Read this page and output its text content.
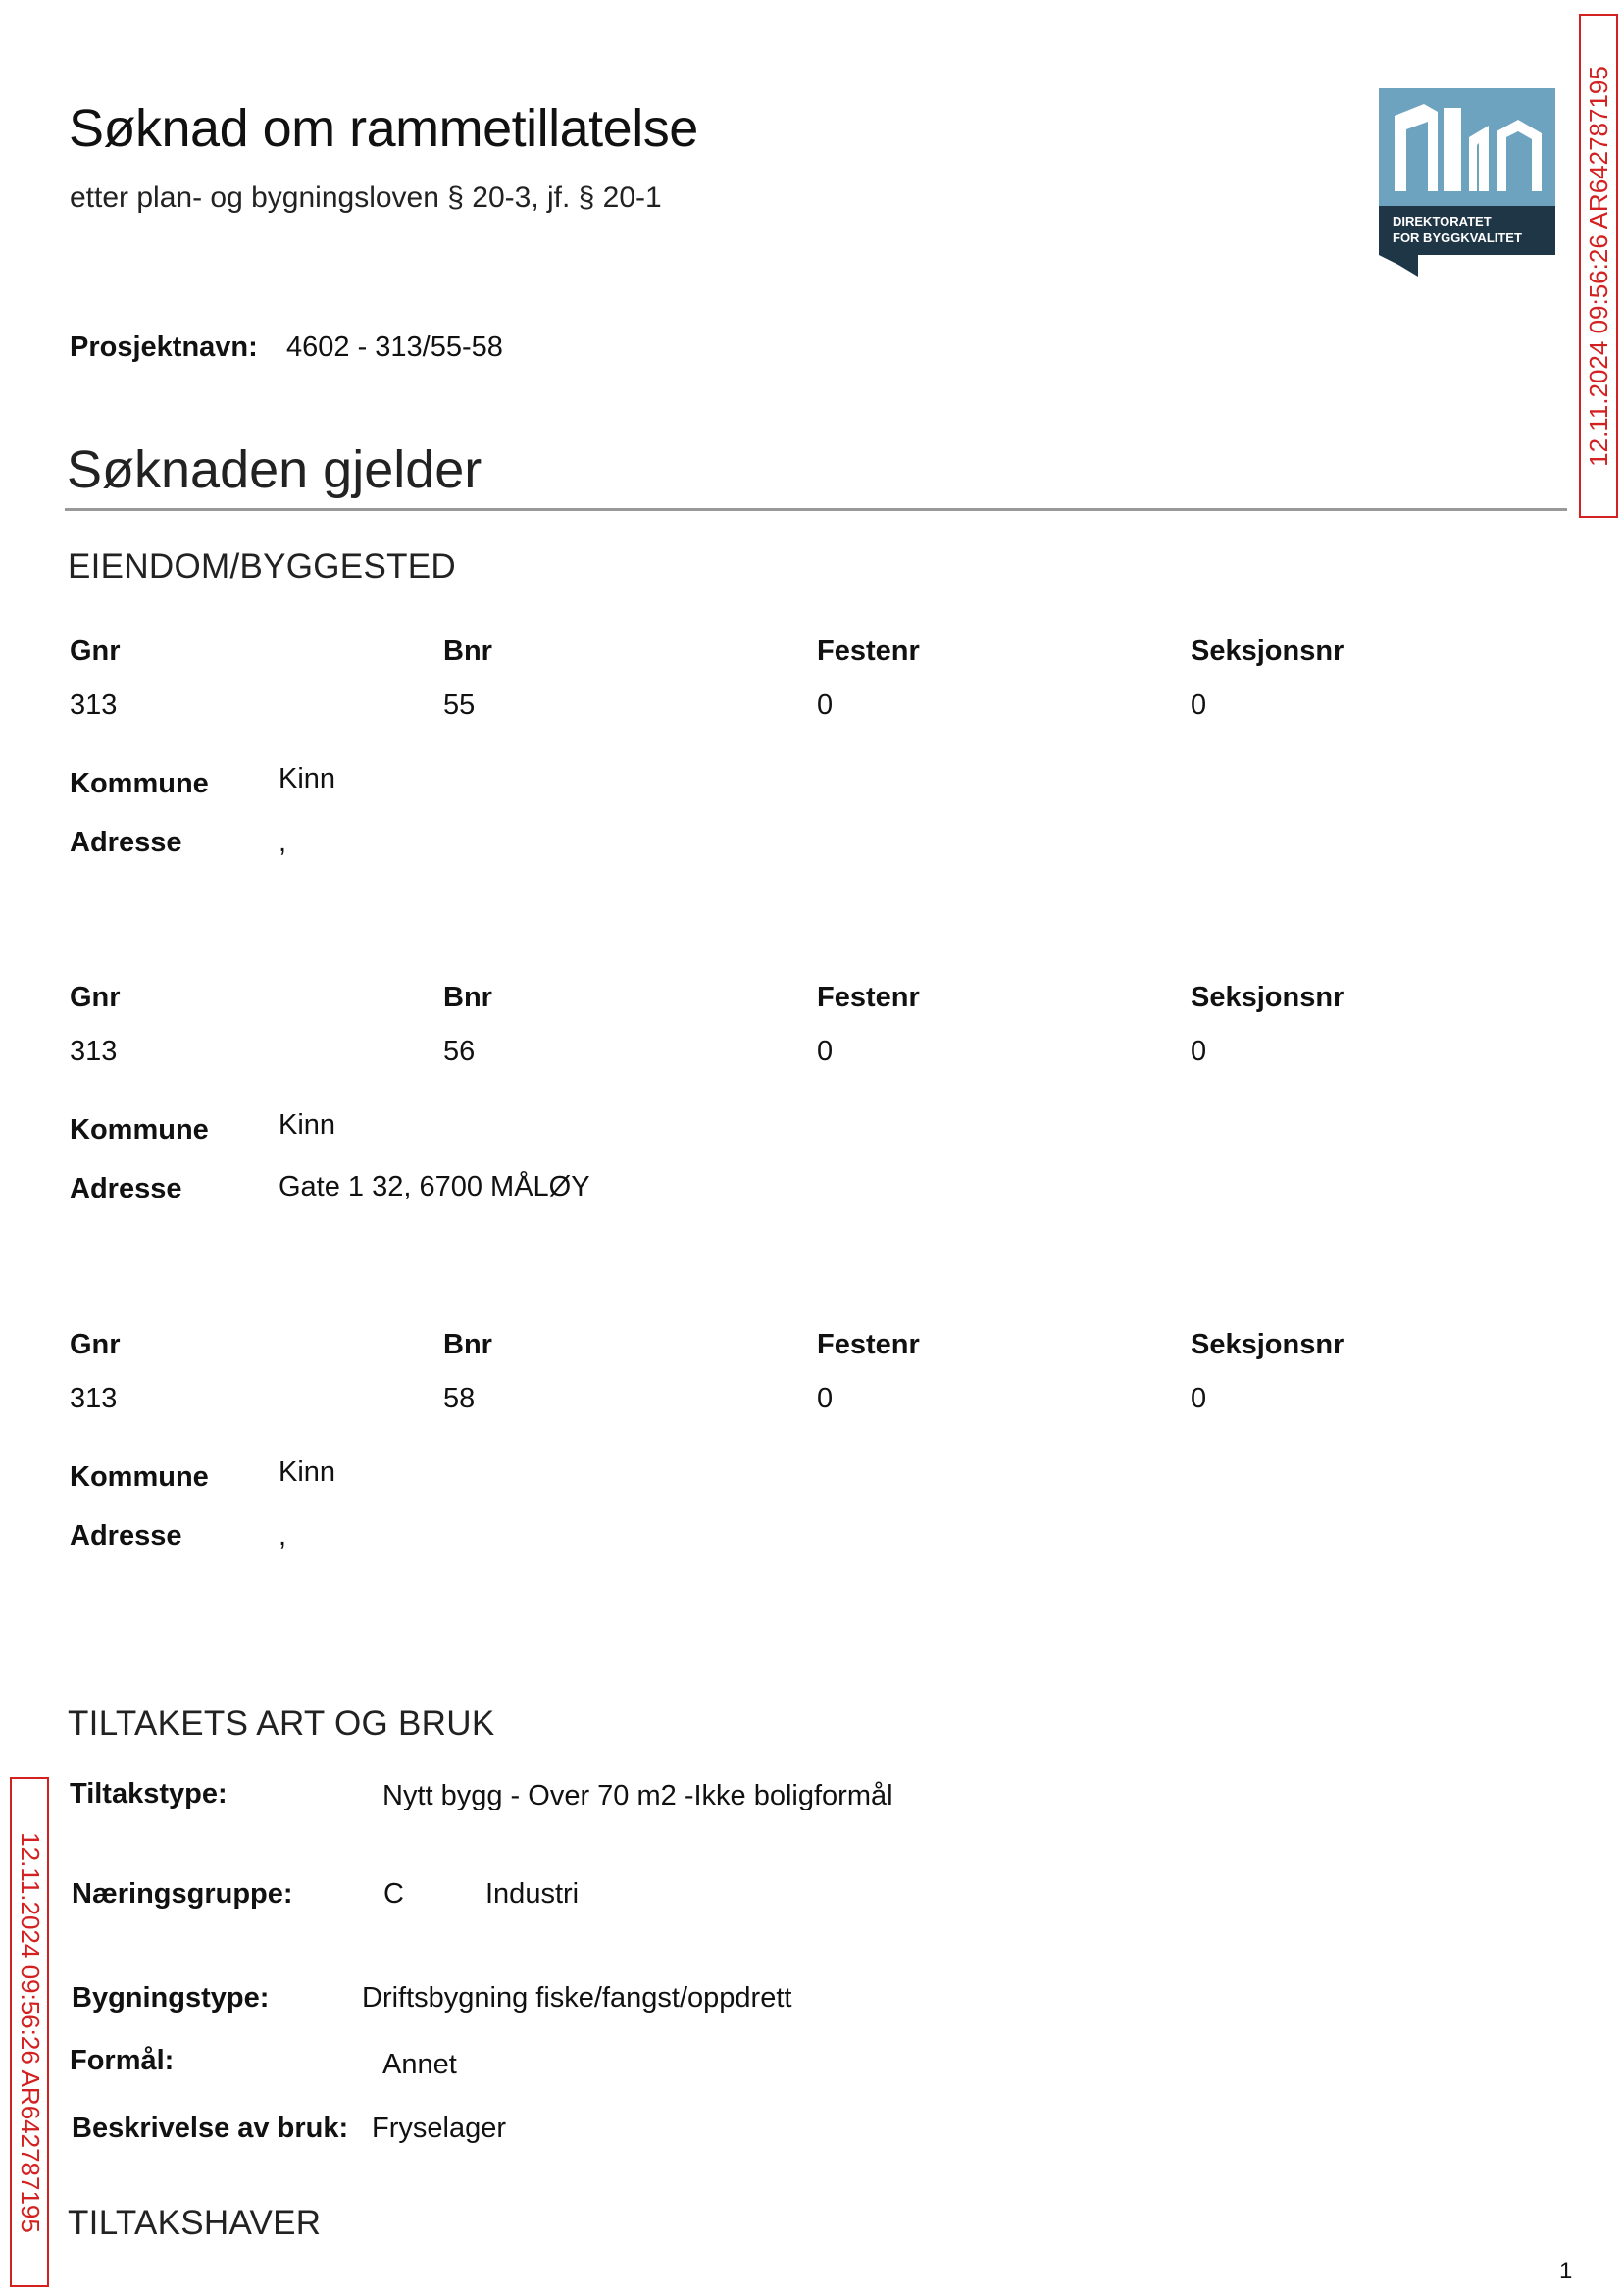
Søknad om rammetillatelse
etter plan- og bygningsloven § 20-3, jf. § 20-1
DIREKTORATET
FOR BYGGKVALITET 12.11.2024 09:56:26 AR642787195
12.11.2024 09:56:26 AR642787195
Prosjektnavn: 4602 - 313/55-58
Søknaden gjelder
EIENDOM/BYGGESTED
Gnr	Bnr	Festenr	Seksjonsnr
313	55	0	0
Kommune Kinn
Adresse	,
Gnr	Bnr	Festenr	Seksjonsnr
313	56	0	0
Kommune Kinn
Adresse	Gate 1 32, 6700 MÅLØY
Gnr	Bnr	Festenr	Seksjonsnr
313	58	0	0
Kommune Kinn
Adresse	,
TILTAKETS ART OG BRUK
Tiltakstype:	Nytt bygg - Over 70 m2 -Ikke boligformål
Næringsgruppe:	C	Industri
Bygningstype:	Driftsbygning fiske/fangst/oppdrett
Formål:	Annet
Beskrivelse av bruk: Fryselager
TILTAKSHAVER
1
